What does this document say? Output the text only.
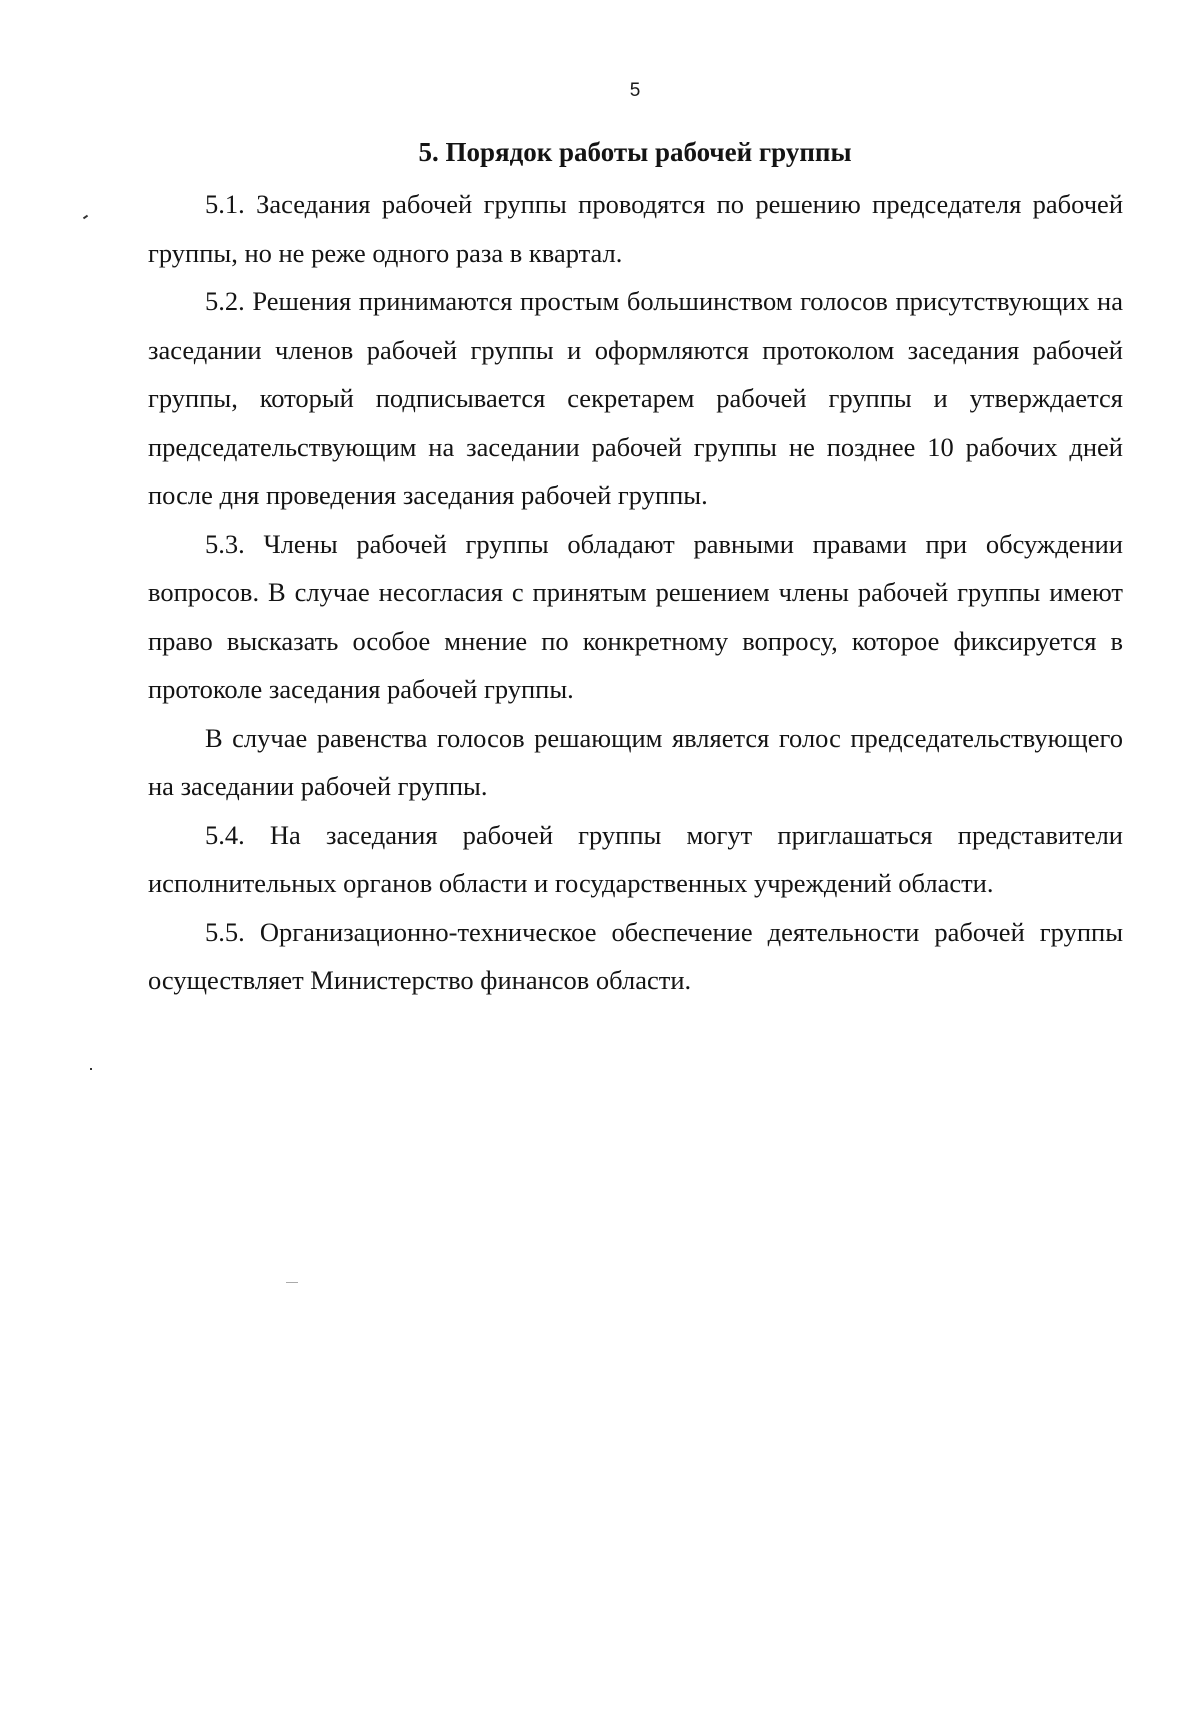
5
5. Порядок работы рабочей группы

5.1. Заседания рабочей группы проводятся по решению председателя рабочей группы, но не реже одного раза в квартал.

5.2. Решения принимаются простым большинством голосов присутствующих на заседании членов рабочей группы и оформляются протоколом заседания рабочей группы, который подписывается секретарем рабочей группы и утверждается председательствующим на заседании рабочей группы не позднее 10 рабочих дней после дня проведения заседания рабочей группы.

5.3. Члены рабочей группы обладают равными правами при обсуждении вопросов. В случае несогласия с принятым решением члены рабочей группы имеют право высказать особое мнение по конкретному вопросу, которое фиксируется в протоколе заседания рабочей группы.

В случае равенства голосов решающим является голос председательствующего на заседании рабочей группы.

5.4. На заседания рабочей группы могут приглашаться представители исполнительных органов области и государственных учреждений области.

5.5. Организационно-техническое обеспечение деятельности рабочей группы осуществляет Министерство финансов области.
